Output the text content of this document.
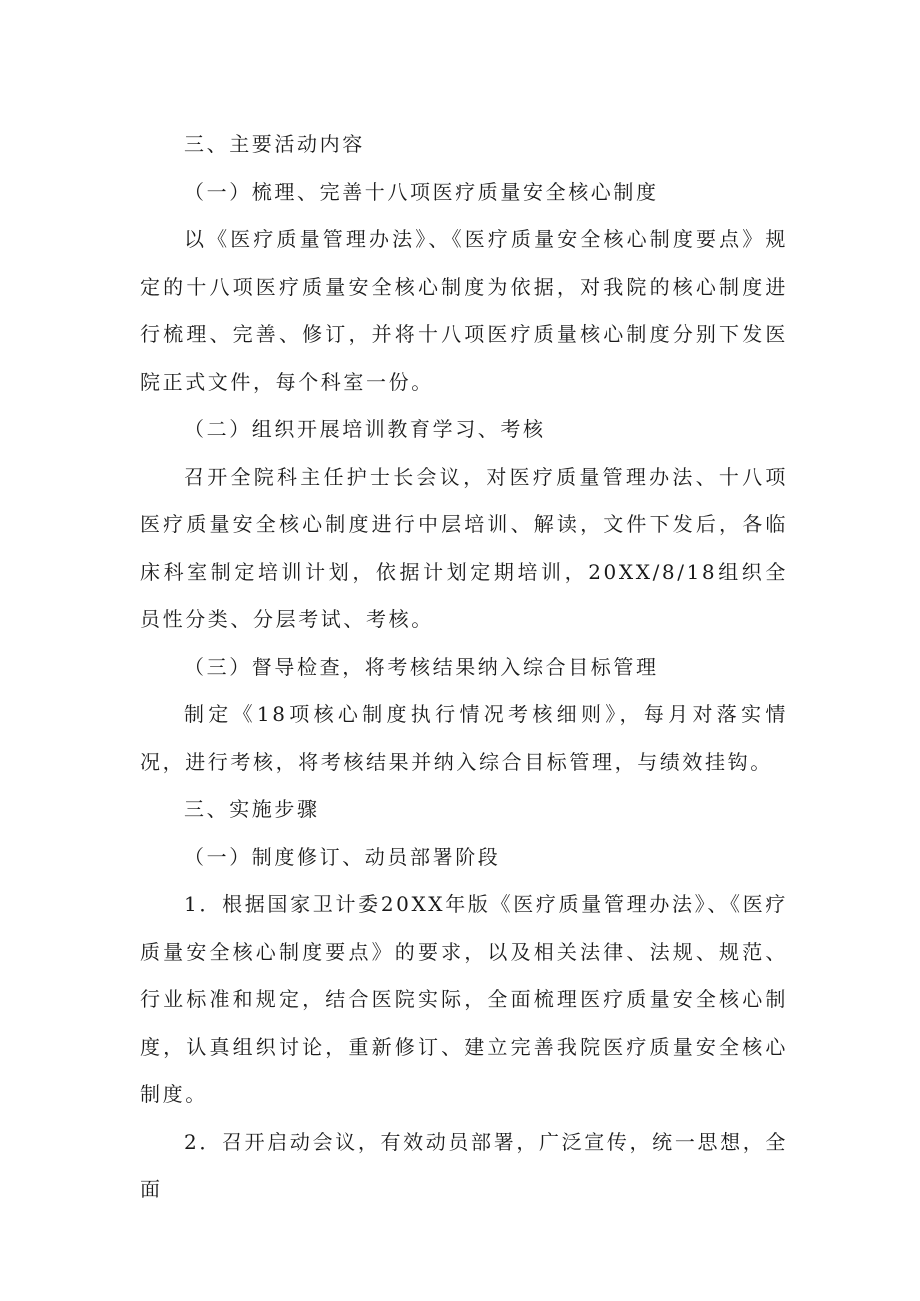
三、主要活动内容

（一）梳理、完善十八项医疗质量安全核心制度

以《医疗质量管理办法》、《医疗质量安全核心制度要点》规定的十八项医疗质量安全核心制度为依据，对我院的核心制度进行梳理、完善、修订，并将十八项医疗质量核心制度分别下发医院正式文件，每个科室一份。

（二）组织开展培训教育学习、考核

召开全院科主任护士长会议，对医疗质量管理办法、十八项医疗质量安全核心制度进行中层培训、解读，文件下发后，各临床科室制定培训计划，依据计划定期培训，20XX/8/18组织全员性分类、分层考试、考核。

（三）督导检查，将考核结果纳入综合目标管理

制定《18项核心制度执行情况考核细则》，每月对落实情况，进行考核，将考核结果并纳入综合目标管理，与绩效挂钩。

三、实施步骤

（一）制度修订、动员部署阶段

1．根据国家卫计委20XX年版《医疗质量管理办法》、《医疗质量安全核心制度要点》的要求，以及相关法律、法规、规范、行业标准和规定，结合医院实际，全面梳理医疗质量安全核心制度，认真组织讨论，重新修订、建立完善我院医疗质量安全核心制度。

2．召开启动会议，有效动员部署，广泛宣传，统一思想，全面
